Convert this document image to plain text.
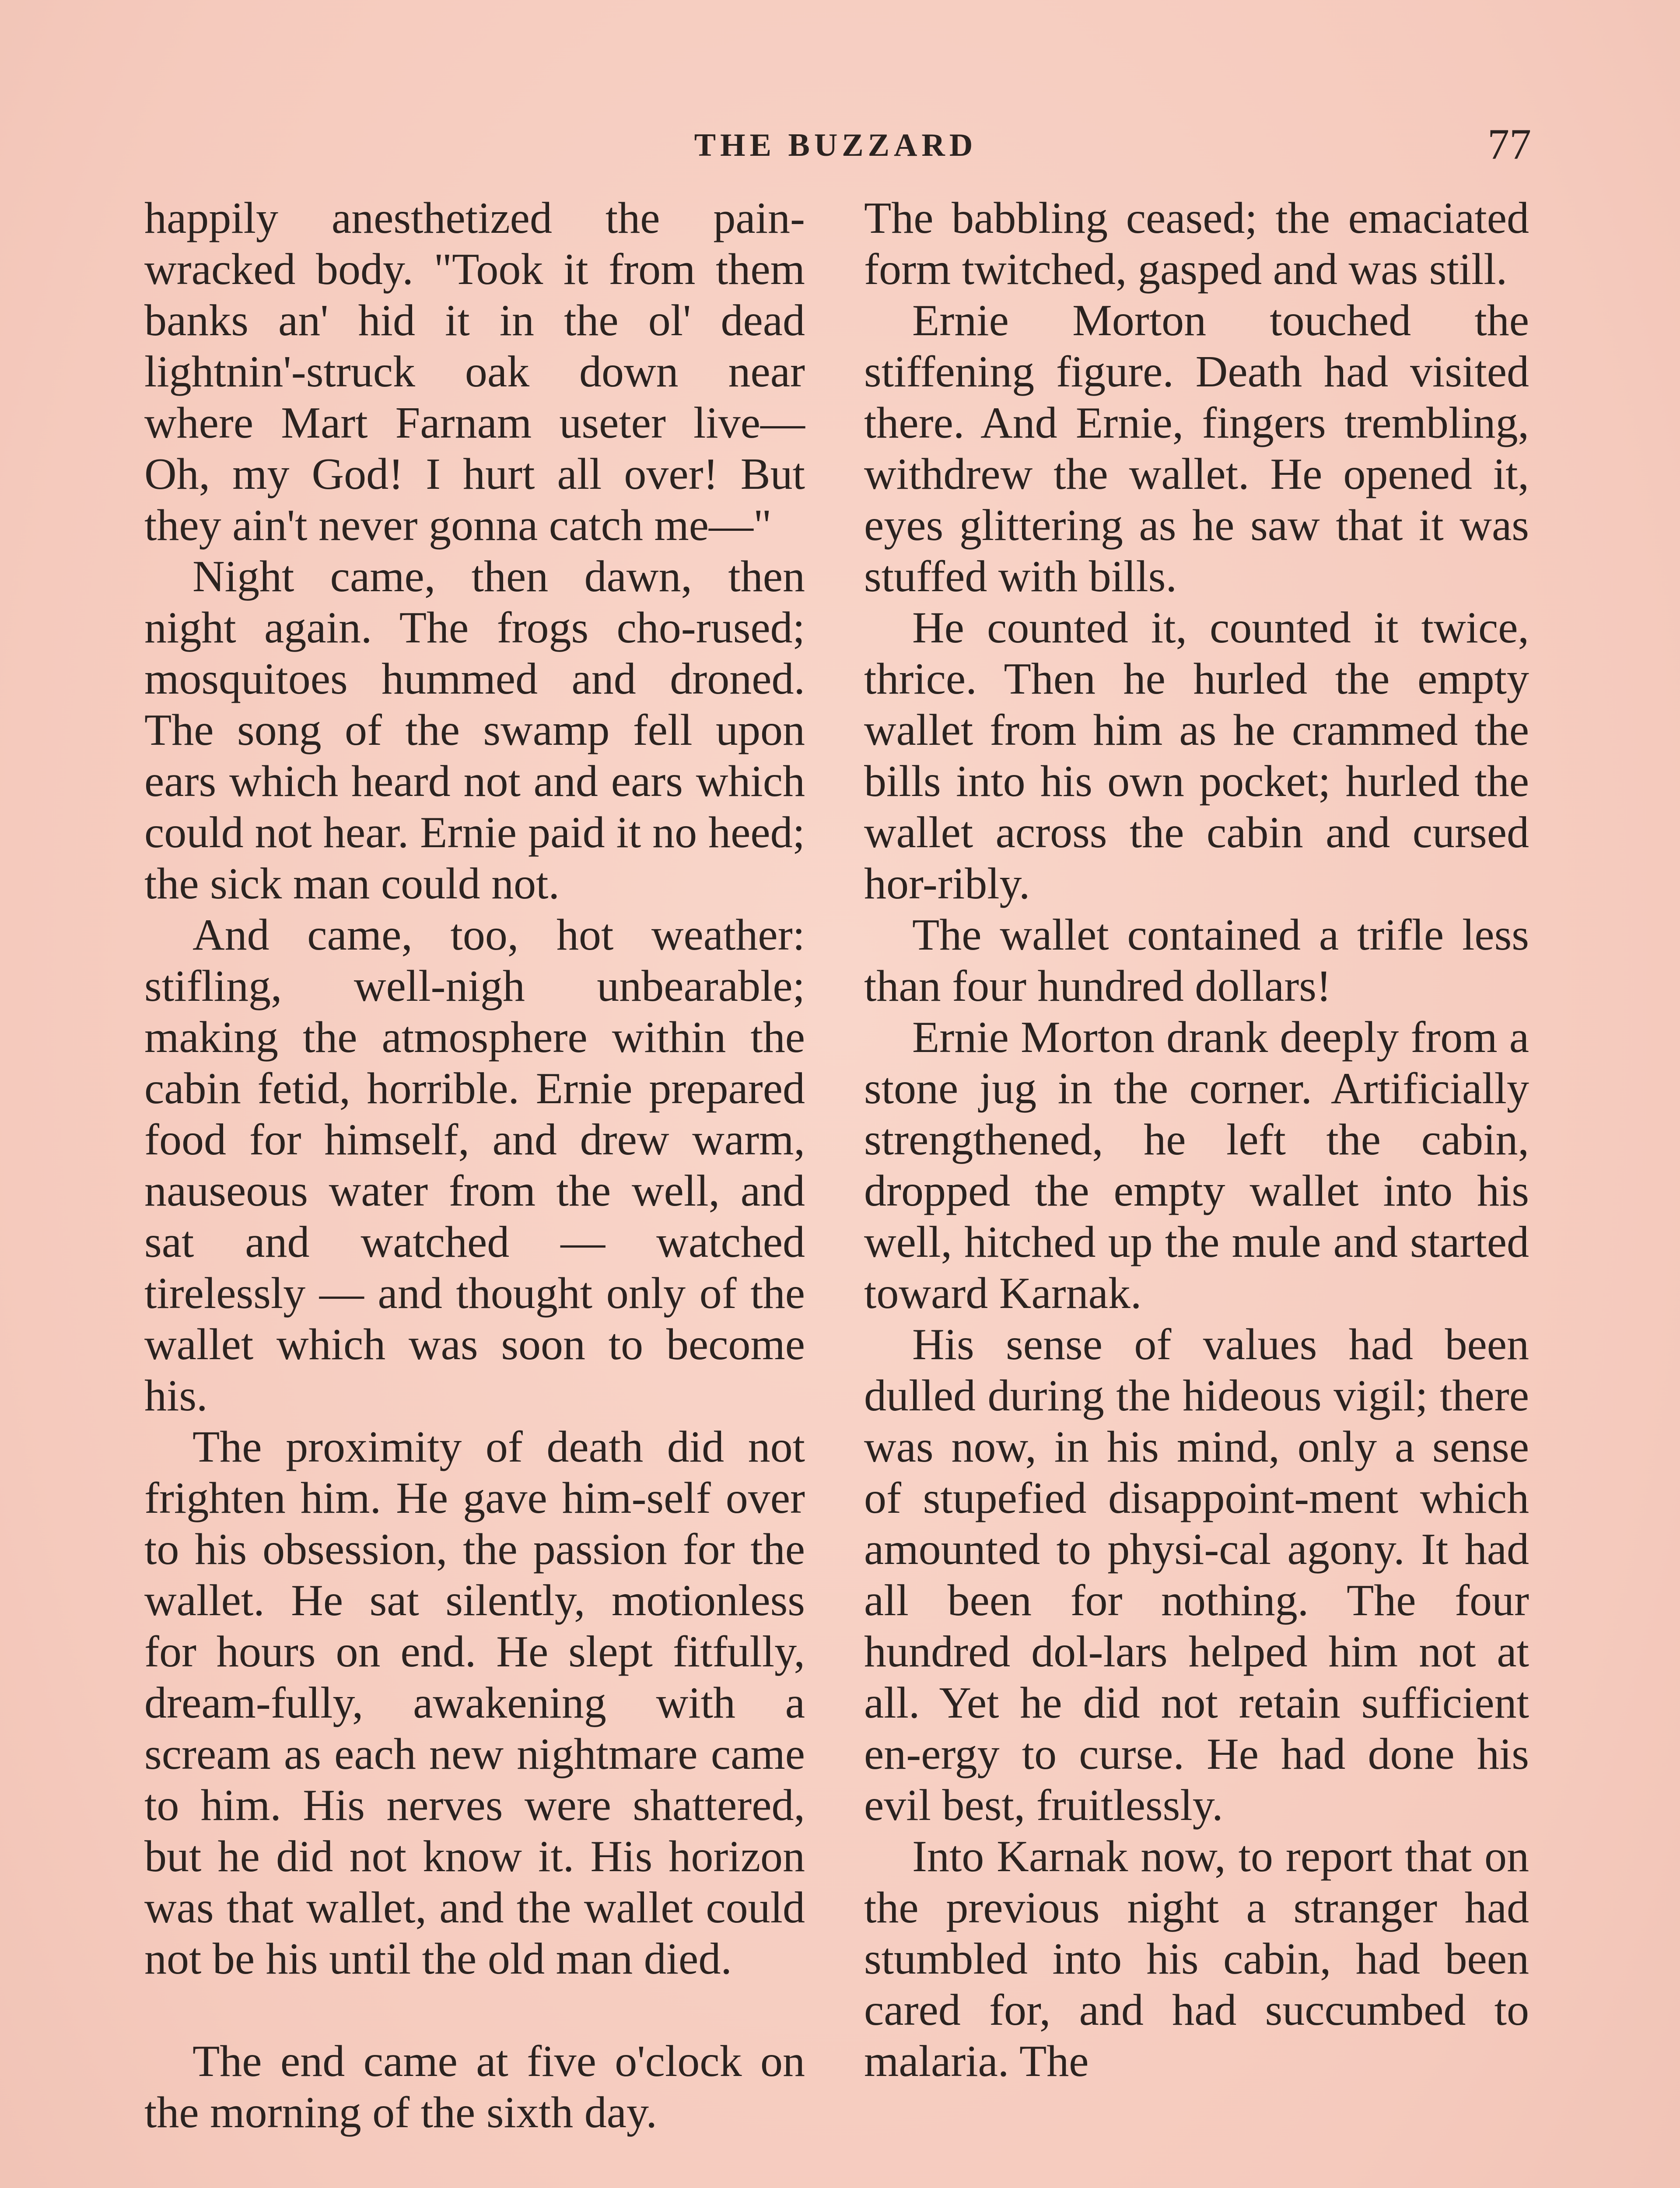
THE BUZZARD	77

happily anesthetized the pain-wracked body. "Took it from them banks an' hid it in the ol' dead lightnin'-struck oak down near where Mart Farnam useter live— Oh, my God! I hurt all over! But they ain't never gonna catch me—"

Night came, then dawn, then night again. The frogs cho-rused; mosquitoes hummed and droned. The song of the swamp fell upon ears which heard not and ears which could not hear. Ernie paid it no heed; the sick man could not.

And came, too, hot weather: stifling, well-nigh unbearable; making the atmosphere within the cabin fetid, horrible. Ernie prepared food for himself, and drew warm, nauseous water from the well, and sat and watched — watched tirelessly — and thought only of the wallet which was soon to become his.

The proximity of death did not frighten him. He gave him-self over to his obsession, the passion for the wallet. He sat silently, motionless for hours on end. He slept fitfully, dream-fully, awakening with a scream as each new nightmare came to him. His nerves were shattered, but he did not know it. His horizon was that wallet, and the wallet could not be his until the old man died.

The end came at five o'clock on the morning of the sixth day.

The babbling ceased; the emaciated form twitched, gasped and was still.

Ernie Morton touched the stiffening figure. Death had visited there. And Ernie, fingers trembling, withdrew the wallet. He opened it, eyes glittering as he saw that it was stuffed with bills.

He counted it, counted it twice, thrice. Then he hurled the empty wallet from him as he crammed the bills into his own pocket; hurled the wallet across the cabin and cursed hor-ribly.

The wallet contained a trifle less than four hundred dollars!

Ernie Morton drank deeply from a stone jug in the corner. Artificially strengthened, he left the cabin, dropped the empty wallet into his well, hitched up the mule and started toward Karnak.

His sense of values had been dulled during the hideous vigil; there was now, in his mind, only a sense of stupefied disappoint-ment which amounted to physi-cal agony. It had all been for nothing. The four hundred dol-lars helped him not at all. Yet he did not retain sufficient en-ergy to curse. He had done his evil best, fruitlessly.

Into Karnak now, to report that on the previous night a stranger had stumbled into his cabin, had been cared for, and had succumbed to malaria. The
